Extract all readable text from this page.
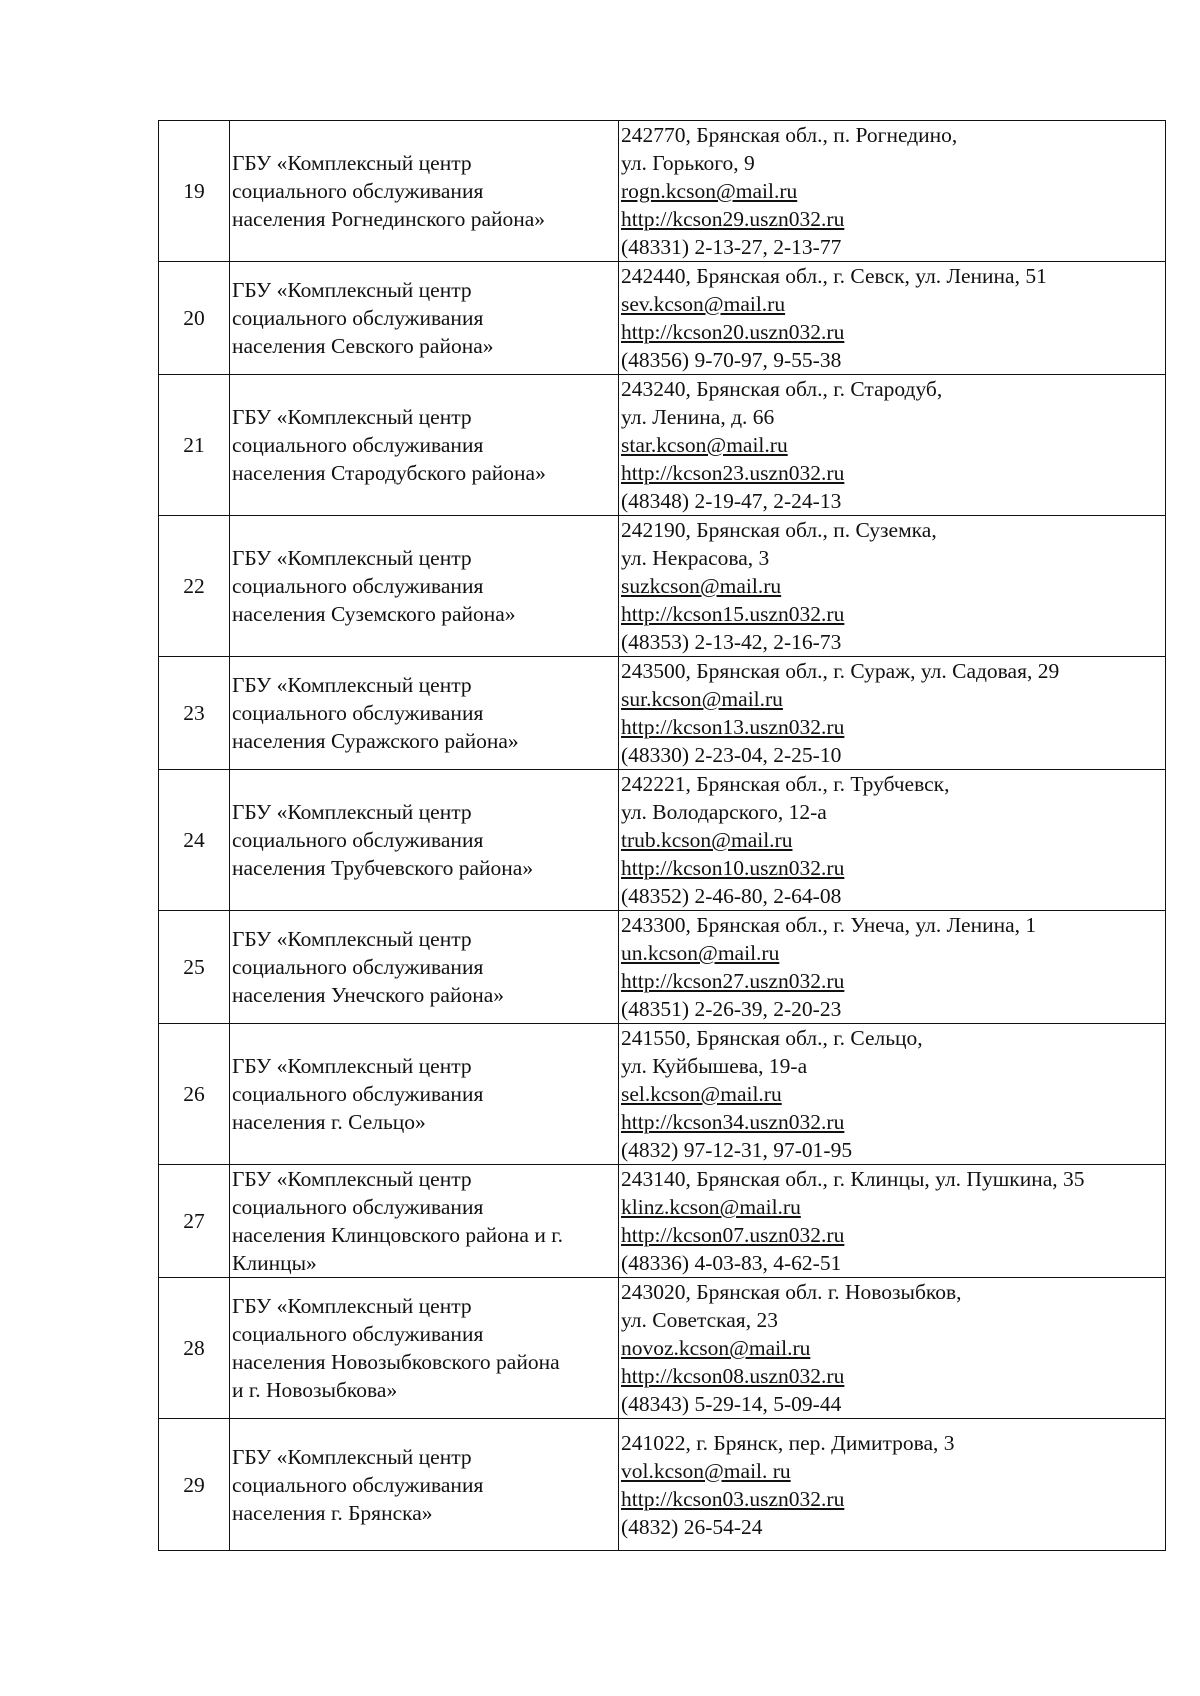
19	ГБУ «Комплексный центр
социального обслуживания
населения Рогнединского района»	242770, Брянская обл., п. Рогнедино,
ул. Горького, 9
rogn.kcson@mail.ru
http://kcson29.uszn032.ru
(48331) 2-13-27, 2-13-77

20	ГБУ «Комплексный центр
социального обслуживания
населения Севского района»	242440, Брянская обл., г. Севск, ул. Ленина, 51
sev.kcson@mail.ru
http://kcson20.uszn032.ru
(48356) 9-70-97, 9-55-38

21	ГБУ «Комплексный центр
социального обслуживания
населения Стародубского района»	243240, Брянская обл., г. Стародуб,
ул. Ленина, д. 66
star.kcson@mail.ru
http://kcson23.uszn032.ru
(48348) 2-19-47, 2-24-13

22	ГБУ «Комплексный центр
социального обслуживания
населения Суземского района»	242190, Брянская обл., п. Суземка,
ул. Некрасова, 3
suzkcson@mail.ru
http://kcson15.uszn032.ru
(48353) 2-13-42, 2-16-73

23	ГБУ «Комплексный центр
социального обслуживания
населения Суражского района»	243500, Брянская обл., г. Сураж, ул. Садовая, 29
sur.kcson@mail.ru
http://kcson13.uszn032.ru
(48330) 2-23-04, 2-25-10

24	ГБУ «Комплексный центр
социального обслуживания
населения Трубчевского района»	242221, Брянская обл., г. Трубчевск,
ул. Володарского, 12-а
trub.kcson@mail.ru
http://kcson10.uszn032.ru
(48352) 2-46-80, 2-64-08

25	ГБУ «Комплексный центр
социального обслуживания
населения Унечского района»	243300, Брянская обл., г. Унеча, ул. Ленина, 1
un.kcson@mail.ru
http://kcson27.uszn032.ru
(48351) 2-26-39, 2-20-23

26	ГБУ «Комплексный центр
социального обслуживания
населения г. Сельцо»	241550, Брянская обл., г. Сельцо,
ул. Куйбышева, 19-а
sel.kcson@mail.ru
http://kcson34.uszn032.ru
(4832) 97-12-31, 97-01-95

27	ГБУ «Комплексный центр
социального обслуживания
населения Клинцовского района и г.
Клинцы»	243140, Брянская обл., г. Клинцы, ул. Пушкина, 35
klinz.kcson@mail.ru
http://kcson07.uszn032.ru
(48336) 4-03-83, 4-62-51

28	ГБУ «Комплексный центр
социального обслуживания
населения Новозыбковского района
и г. Новозыбкова»	243020, Брянская обл. г. Новозыбков,
ул. Советская, 23
novoz.kcson@mail.ru
http://kcson08.uszn032.ru
(48343) 5-29-14, 5-09-44

29	ГБУ «Комплексный центр
социального обслуживания
населения г. Брянска»	241022, г. Брянск, пер. Димитрова, 3
vol.kcson@mail. ru
http://kcson03.uszn032.ru
(4832) 26-54-24
